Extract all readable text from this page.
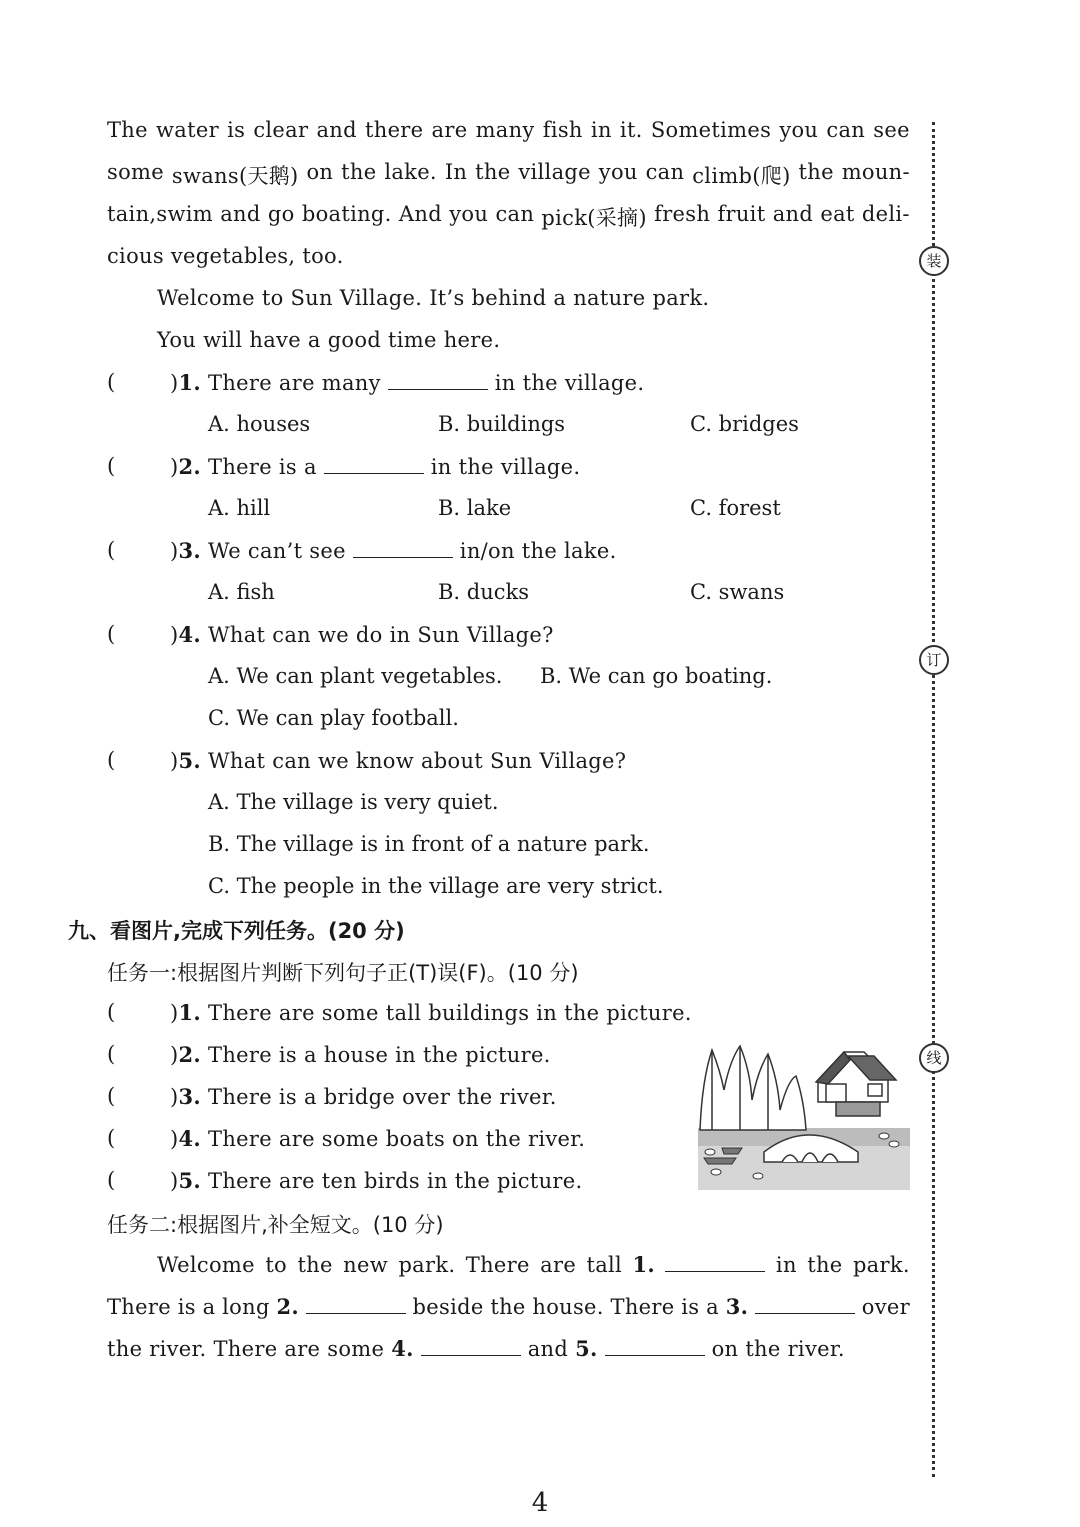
The water is clear and there are many fish in it. Sometimes you can see
some swans(天鹅) on the lake. In the village you can climb(爬) the moun-
tain,swim and go boating. And you can pick(采摘) fresh fruit and eat deli-
cious vegetables, too.
Welcome to Sun Village. It’s behind a nature park.
You will have a good time here.
(	)1. There are many	in the village.
A. houses	B. buildings	C. bridges
(	)2. There is a	in the village.
A. hill	B. lake	C. forest
(	)3. We can’t see	in/on the lake.
A. fish	B. ducks	C. swans
(	)4. What can we do in Sun Village?
A. We can plant vegetables. B. We can go boating.
C. We can play football.
(	)5. What can we know about Sun Village?
A. The village is very quiet.
B. The village is in front of a nature park.
C. The people in the village are very strict.
九、看图片,完成下列任务。(20 分)
任务一:根据图片判断下列句子正(T)误(F)。(10 分)
(	)1. There are some tall buildings in the picture.
(	)2. There is a house in the picture.
(	)3. There is a bridge over the river.
(	)4. There are some boats on the river.
(	)5. There are ten birds in the picture.
任务二:根据图片,补全短文。(10 分)
Welcome to the new park. There are tall 1.	in the park.
There is a long 2.	beside the house. There is a 3.	over
the river. There are some 4.	and 5.	on the river.
装
订
线
4
